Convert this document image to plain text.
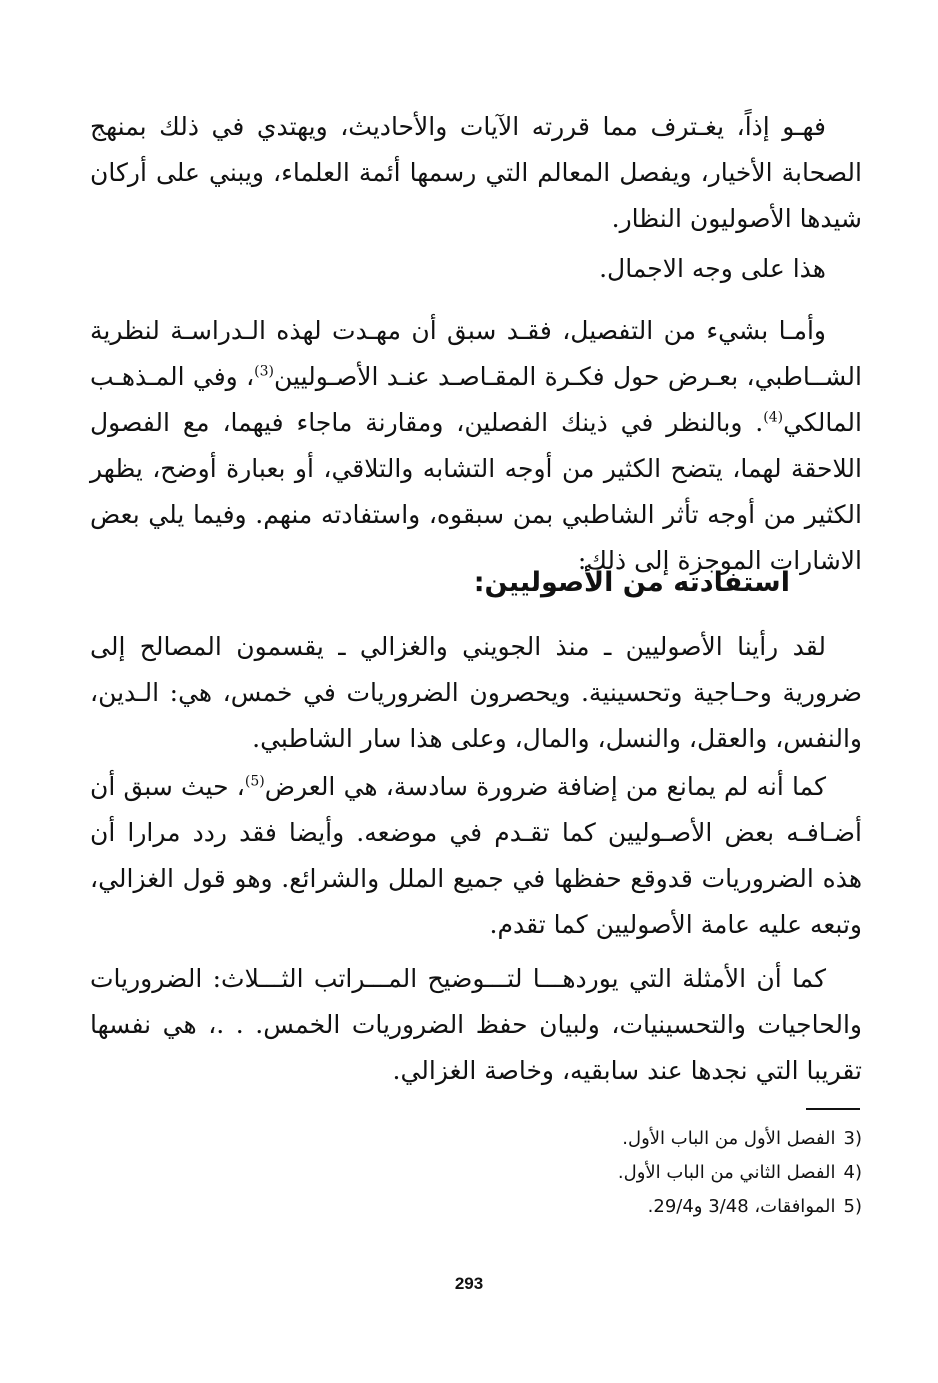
فهـو إذاً، يغـترف مما قررته الآيات والأحاديث، ويهتدي في ذلك بمنهج الصحابة الأخيار، ويفصل المعالم التي رسمها أئمة العلماء، ويبني على أركان شيدها الأصوليون النظار.
هذا على وجه الاجمال.
وأمـا بشيء من التفصيل، فقـد سبق أن مهـدت لهذه الـدراسـة لنظرية الشــاطبي، بعـرض حول فكـرة المقـاصـد عنـد الأصـوليين$^{(3)}$، وفي المـذهـب المالكي$^{(4)}$. وبالنظر في ذينك الفصلين، ومقارنة ماجاء فيهما، مع الفصول اللاحقة لهما، يتضح الكثير من أوجه التشابه والتلاقي، أو بعبارة أوضح، يظهر الكثير من أوجه تأثر الشاطبي بمن سبقوه، واستفادته منهم. وفيما يلي بعض الاشارات الموجزة إلى ذلك:
استفادته من الأصوليين:
لقد رأينا الأصوليين ـ منذ الجويني والغزالي ـ يقسمون المصالح إلى ضرورية وحـاجية وتحسينية. ويحصرون الضروريات في خمس، هي: الـدين، والنفس، والعقل، والنسل، والمال، وعلى هذا سار الشاطبي.
كما أنه لم يمانع من إضافة ضرورة سادسة، هي العرض$^{(5)}$، حيث سبق أن أضـافـه بعض الأصـوليين كما تقـدم في موضعه. وأيضا فقد ردد مرارا أن هذه الضروريات قدوقع حفظها في جميع الملل والشرائع. وهو قول الغزالي، وتبعه عليه عامة الأصوليين كما تقدم.
كما أن الأمثلة التي يوردهـــا لتـــوضيح المـــراتب الثـــلاث: الضروريات والحاجيات والتحسينيات، ولبيان حفظ الضروريات الخمس. . .، هي نفسها تقريبا التي نجدها عند سابقيه، وخاصة الغزالي.
3)الفصل الأول من الباب الأول.
4)الفصل الثاني من الباب الأول.
5)الموافقات، 3/48 و29/4.
293
